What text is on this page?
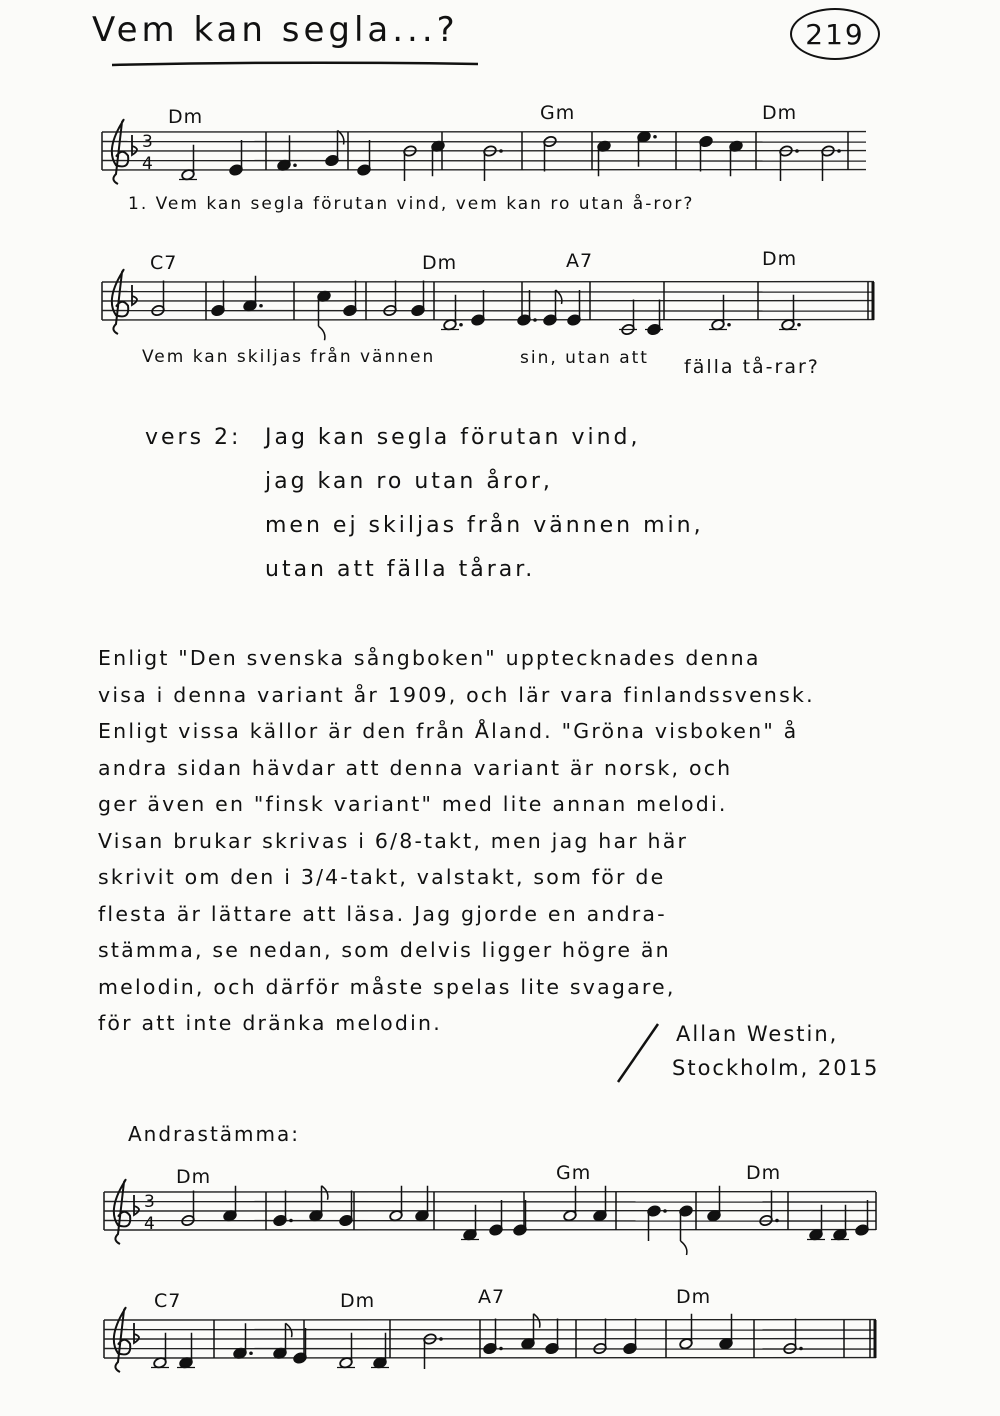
Vem kan segla...?	219
Dm	Gm	Dm
3
4
1. Vem kan segla förutan vind, vem kan ro utan å-ror?
C7	Dm	A7	Dm
Vem kan skiljas från vännen	sin, utan att fälla tå-rar?
vers 2: Jag kan segla förutan vind,
jag kan ro utan åror,
men ej skiljas från vännen min,
utan att fälla tårar.
Enligt "Den svenska sångboken" upptecknades denna
visa i denna variant år 1909, och lär vara finlandssvensk.
Enligt vissa källor är den från Åland. "Gröna visboken" å
andra sidan hävdar att denna variant är norsk, och
ger även en "finsk variant" med lite annan melodi.
Visan brukar skrivas i 6/8-takt, men jag har här
skrivit om den i 3/4-takt, valstakt, som för de
flesta är lättare att läsa. Jag gjorde en andra-
stämma, se nedan, som delvis ligger högre än
melodin, och därför måste spelas lite svagare,
för att inte dränka melodin.	Allan Westin,
Stockholm, 2015
Andrastämma:
Dm	Gm	Dm
3
4
C7	Dm	A7	Dm
